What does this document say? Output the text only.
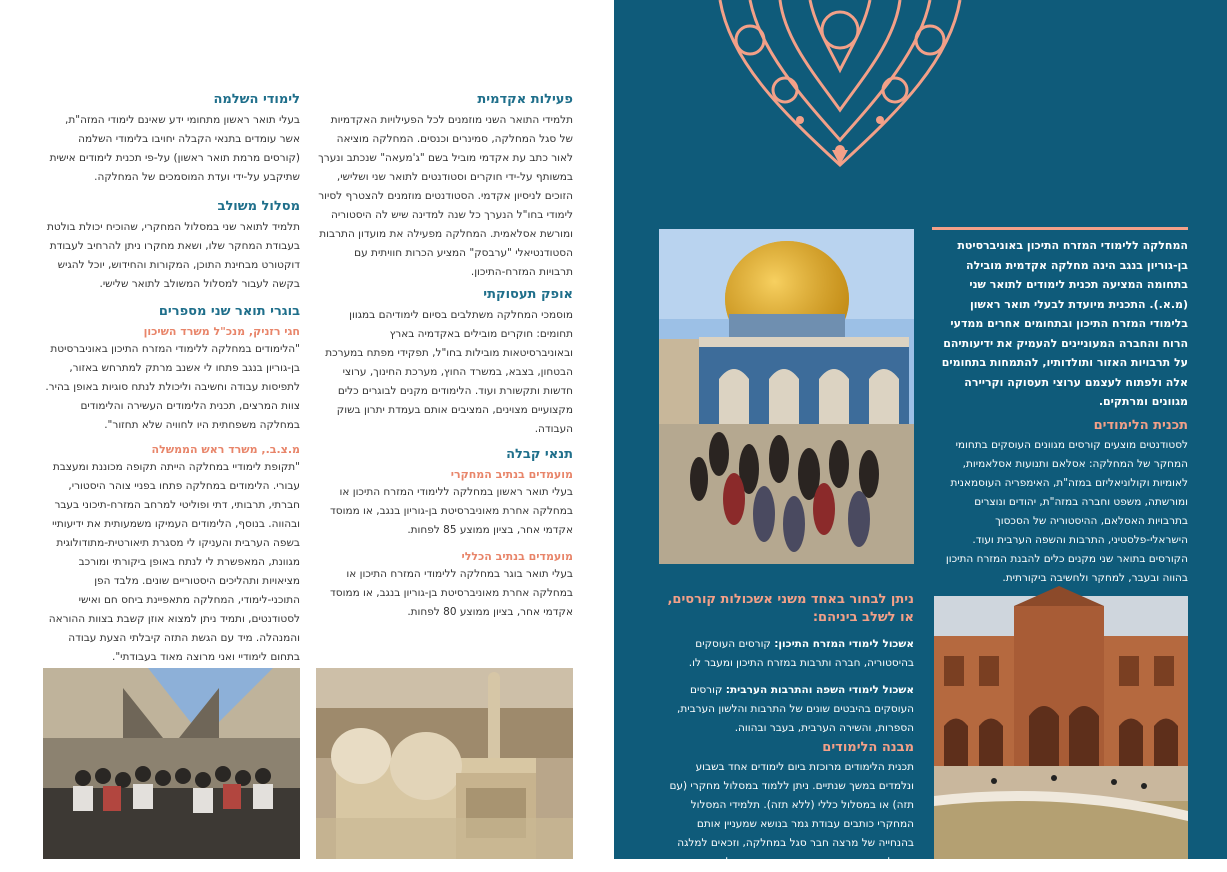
פעילות אקדמית
תלמידי התואר השני מוזמנים לכל הפעילויות האקדמיות של סגל המחלקה, סמינרים וכנסים. המחלקה מוציאה לאור כתב עת אקדמי מוביל בשם "ג'מעאה" שנכתב ונערך במשותף על-ידי חוקרים וסטודנטים לתואר שני ושלישי, הזוכים לניסיון אקדמי. הסטודנטים מוזמנים להצטרף לסיור לימודי בחו"ל הנערך כל שנה למדינה שיש לה היסטוריה ומורשת אסלאמית. המחלקה מפעילה את מועדון התרבות הסטודנטיאלי "ערבסק" המציע הכרות חוויתית עם תרבויות המזרח-התיכון.
אופק תעסוקתי
מוסמכי המחלקה משתלבים בסיום לימודיהם במגוון תחומים: חוקרים מובילים באקדמיה בארץ ובאוניברסיטאות מובילות בחו"ל, תפקידי מפתח במערכת הבטחון, בצבא, במשרד החוץ, מערכת החינוך, ערוצי חדשות ותקשורת ועוד. הלימודים מקנים לבוגרים כלים מקצועיים מצוינים, המציבים אותם בעמדת יתרון בשוק העבודה.
תנאי קבלה
מועמדים בנתיב המחקרי
בעלי תואר ראשון במחלקה ללימודי המזרח התיכון או במחלקה אחרת מאוניברסיטת בן-גוריון בנגב, או ממוסד אקדמי אחר, בציון ממוצע 85 לפחות.
מועמדים בנתיב הכללי
בעלי תואר בוגר במחלקה ללימודי המזרח התיכון או במחלקה אחרת מאוניברסיטת בן-גוריון בנגב, או ממוסד אקדמי אחר, בציון ממוצע 80 לפחות.
לימודי השלמה
בעלי תואר ראשון מתחומי ידע שאינם לימודי המזה"ת, אשר עומדים בתנאי הקבלה יחויבו בלימודי השלמה (קורסים מרמת תואר ראשון) על-פי תכנית לימודים אישית שתיקבע על-ידי ועדת המוסמכים של המחלקה.
מסלול משולב
תלמיד לתואר שני במסלול המחקרי, שהוכיח יכולת בולטת בעבודת המחקר שלו, ושאת מחקרו ניתן להרחיב לעבודת דוקטורט מבחינת התוכן, המקורות והחידוש, יוכל להגיש בקשה לעבור למסלול המשולב לתואר שלישי.
בוגרי תואר שני מספרים
חגי רזניק, מנכ"ל משרד השיכון
"הלימודים במחלקה ללימודי המזרח התיכון באוניברסיטת בן-גוריון בנגב פתחו לי אשנב מרתק למתרחש באזור, לתפיסות עבודה וחשיבה וליכולת לנתח סוגיות באופן בהיר. צוות המרצים, תכנית הלימודים העשירה והלימודים במחלקה משפחתית היו לחוויה שלא תחזור".
מ.צ.ב., משרד ראש הממשלה
"תקופת לימודיי במחלקה הייתה תקופה מכוננת ומעצבת עבורי. הלימודים במחלקה פתחו בפניי צוהר היסטורי, חברתי, תרבותי, דתי ופוליטי למרחב המזרח-תיכוני בעבר ובהווה. בנוסף, הלימודים העמיקו משמעותית את ידיעותיי בשפה הערבית והעניקו לי מסגרת תיאורטית-מתודולוגית מגוונת, המאפשרת לי לנתח באופן ביקורתי ומורכב מציאויות ותהליכים היסטוריים שונים. מלבד הפן התוכני-לימודי, המחלקה מתאפיינת ביחס חם ואישי לסטודנטים, ותמיד ניתן למצוא אוזן קשבת בצוות ההוראה והמנהלה. מיד עם הגשת התזה קיבלתי הצעת עבודה בתחום לימודיי ואני מרוצה מאוד בעבודתי".
המחלקה ללימודי המזרח התיכון באוניברסיטת בן-גוריון בנגב הינה מחלקה אקדמית מובילה בתחומה המציעה תכנית לימודים לתואר שני (מ.א.). התכנית מיועדת לבעלי תואר ראשון בלימודי המזרח התיכון ובתחומים אחרים ממדעי הרוח והחברה המעוניינים להעמיק את ידיעותיהם על תרבויות האזור ותולדותיו, להתמחות בתחומים אלה ולפתוח לעצמם ערוצי תעסוקה וקריירה מגוונים ומרתקים.
תכנית הלימודים
לסטודנטים מוצעים קורסים מגוונים העוסקים בתחומי המחקר של המחלקה: אסלאם ותנועות אסלאמיות, לאומיות וקולוניאליזם במזה"ת, האימפריה העוסמאנית ומורשתה, משפט וחברה במזה"ת, יהודים ונוצרים בתרבויות האסלאם, ההיסטוריה של הסכסוך הישראלי-פלסטיני, התרבות והשפה הערבית ועוד. הקורסים בתואר שני מקנים כלים להבנת המזרח התיכון בהווה ובעבר, למחקר ולחשיבה ביקורתית.
ניתן לבחור באחד משני אשכולות קורסים, או לשלב ביניהם:
אשכול לימודי המזרח התיכון: קורסים העוסקים בהיסטוריה, חברה ותרבות במזרח התיכון ומעבר לו.
אשכול לימודי השפה והתרבות הערבית: קורסים העוסקים בהיבטים שונים של התרבות והלשון הערבית, הספרות, והשירה הערבית, בעבר ובהווה.
מבנה הלימודים
תכנית הלימודים מרוכזת ביום לימודים אחד בשבוע ונלמדים במשך שנתיים. ניתן ללמוד במסלול מחקרי (עם תזה) או במסלול כללי (ללא תזה). תלמידי המסלול המחקרי כותבים עבודת גמר בנושא שמעניין אותם בהנחייה של מרצה חבר סגל במחלקה, וזכאים למלגה ומשולבים בתפקידים אקדמיים שונים במחלקה.
